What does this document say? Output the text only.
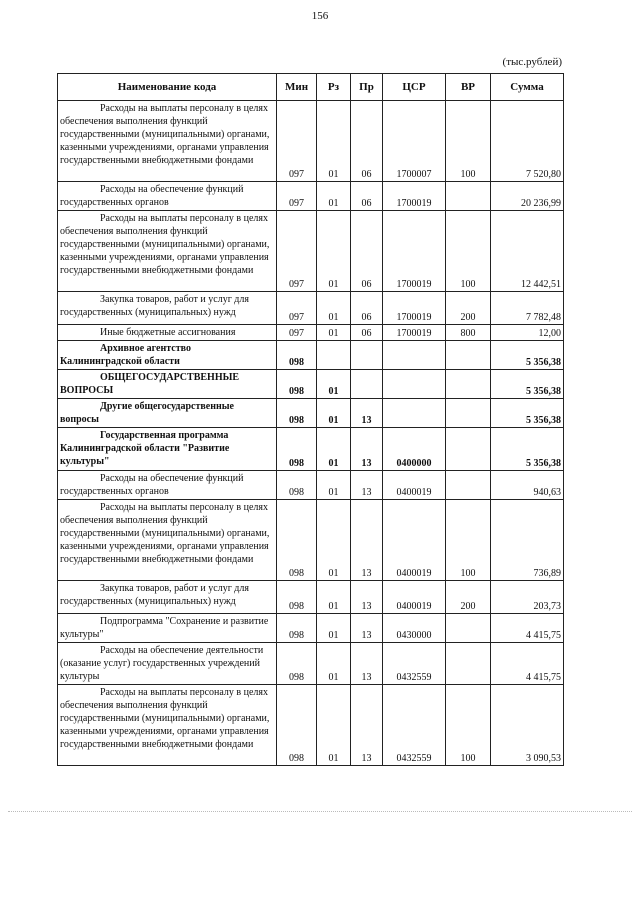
156
(тыс.рублей)
Наименование кода	Мин	Рз	Пр	ЦСР	ВР	Сумма

Расходы на выплаты персоналу в целях обеспечения выполнения функций государственными (муниципальными) органами, казенными учреждениями, органами управления государственными внебюджетными фондами	097	01	06	1700007	100	7 520,80

Расходы на обеспечение функций государственных органов	097	01	06	1700019		20 236,99

Расходы на выплаты персоналу в целях обеспечения выполнения функций государственными (муниципальными) органами, казенными учреждениями, органами управления государственными внебюджетными фондами	097	01	06	1700019	100	12 442,51

Закупка товаров, работ и услуг для государственных (муниципальных) нужд	097	01	06	1700019	200	7 782,48

Иные бюджетные ассигнования	097	01	06	1700019	800	12,00

Архивное агентство Калининградской области	098					5 356,38

ОБЩЕГОСУДАРСТВЕННЫЕ ВОПРОСЫ	098	01				5 356,38

Другие общегосударственные вопросы	098	01	13			5 356,38

Государственная программа Калининградской области "Развитие культуры"	098	01	13	0400000		5 356,38

Расходы на обеспечение функций государственных органов	098	01	13	0400019		940,63

Расходы на выплаты персоналу в целях обеспечения выполнения функций государственными (муниципальными) органами, казенными учреждениями, органами управления государственными внебюджетными фондами	098	01	13	0400019	100	736,89

Закупка товаров, работ и услуг для государственных (муниципальных) нужд	098	01	13	0400019	200	203,73

Подпрограмма "Сохранение и развитие культуры"	098	01	13	0430000		4 415,75

Расходы на обеспечение деятельности (оказание услуг) государственных учреждений культуры	098	01	13	0432559		4 415,75

Расходы на выплаты персоналу в целях обеспечения выполнения функций государственными (муниципальными) органами, казенными учреждениями, органами управления государственными внебюджетными фондами	098	01	13	0432559	100	3 090,53
